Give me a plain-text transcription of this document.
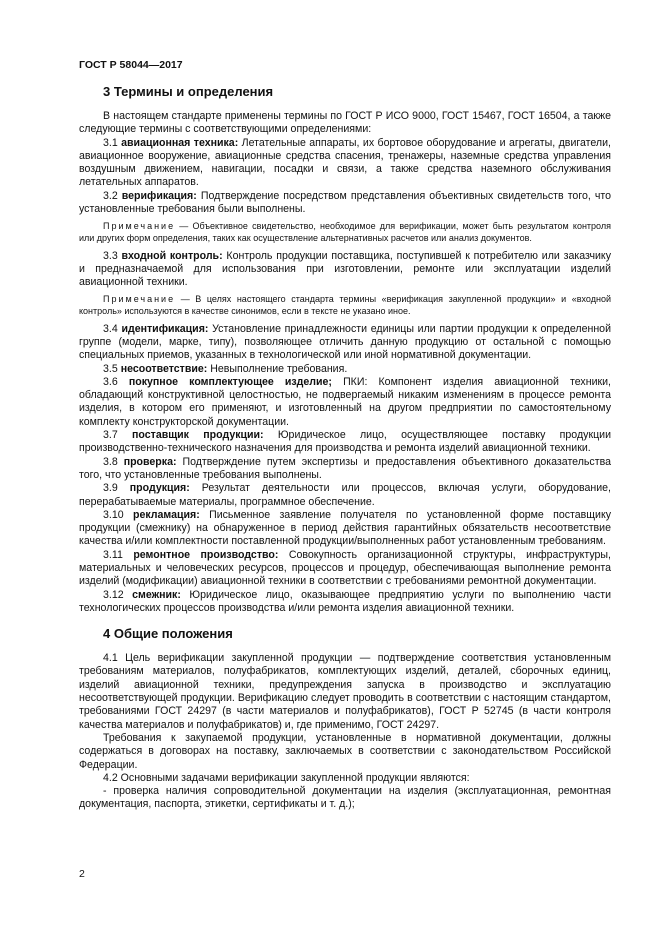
ГОСТ Р 58044—2017
3 Термины и определения

В настоящем стандарте применены термины по ГОСТ Р ИСО 9000, ГОСТ 15467, ГОСТ 16504, а также следующие термины с соответствующими определениями:

3.1 авиационная техника: Летательные аппараты, их бортовое оборудование и агрегаты, двигатели, авиационное вооружение, авиационные средства спасения, тренажеры, наземные средства управления воздушным движением, навигации, посадки и связи, а также средства наземного обслуживания летательных аппаратов.

3.2 верификация: Подтверждение посредством представления объективных свидетельств того, что установленные требования были выполнены.

Примечание — Объективное свидетельство, необходимое для верификации, может быть результатом контроля или других форм определения, таких как осуществление альтернативных расчетов или анализ документов.

3.3 входной контроль: Контроль продукции поставщика, поступившей к потребителю или заказчику и предназначаемой для использования при изготовлении, ремонте или эксплуатации изделий авиационной техники.

Примечание — В целях настоящего стандарта термины «верификация закупленной продукции» и «входной контроль» используются в качестве синонимов, если в тексте не указано иное.

3.4 идентификация: Установление принадлежности единицы или партии продукции к определенной группе (модели, марке, типу), позволяющее отличить данную продукцию от остальной с помощью специальных приемов, указанных в технологической или иной нормативной документации.

3.5 несоответствие: Невыполнение требования.

3.6 покупное комплектующее изделие; ПКИ: Компонент изделия авиационной техники, обладающий конструктивной целостностью, не подвергаемый никаким изменениям в процессе ремонта изделия, в котором его применяют, и изготовленный на другом предприятии по самостоятельному комплекту конструкторской документации.

3.7 поставщик продукции: Юридическое лицо, осуществляющее поставку продукции производственно-технического назначения для производства и ремонта изделий авиационной техники.

3.8 проверка: Подтверждение путем экспертизы и предоставления объективного доказательства того, что установленные требования выполнены.

3.9 продукция: Результат деятельности или процессов, включая услуги, оборудование, перерабатываемые материалы, программное обеспечение.

3.10 рекламация: Письменное заявление получателя по установленной форме поставщику продукции (смежнику) на обнаруженное в период действия гарантийных обязательств несоответствие качества и/или комплектности поставленной продукции/выполненных работ установленным требованиям.

3.11 ремонтное производство: Совокупность организационной структуры, инфраструктуры, материальных и человеческих ресурсов, процессов и процедур, обеспечивающая выполнение ремонта изделий (модификации) авиационной техники в соответствии с требованиями ремонтной документации.

3.12 смежник: Юридическое лицо, оказывающее предприятию услуги по выполнению части технологических процессов производства и/или ремонта изделия авиационной техники.

4 Общие положения

4.1 Цель верификации закупленной продукции — подтверждение соответствия установленным требованиям материалов, полуфабрикатов, комплектующих изделий, деталей, сборочных единиц, изделий авиационной техники, предупреждения запуска в производство и эксплуатацию несоответствующей продукции. Верификацию следует проводить в соответствии с настоящим стандартом, требованиями ГОСТ 24297 (в части материалов и полуфабрикатов), ГОСТ Р 52745 (в части контроля качества материалов и полуфабрикатов) и, где применимо, ГОСТ 24297.

Требования к закупаемой продукции, установленные в нормативной документации, должны содержаться в договорах на поставку, заключаемых в соответствии с законодательством Российской Федерации.

4.2 Основными задачами верификации закупленной продукции являются:

- проверка наличия сопроводительной документации на изделия (эксплуатационная, ремонтная документация, паспорта, этикетки, сертификаты и т. д.);

2
